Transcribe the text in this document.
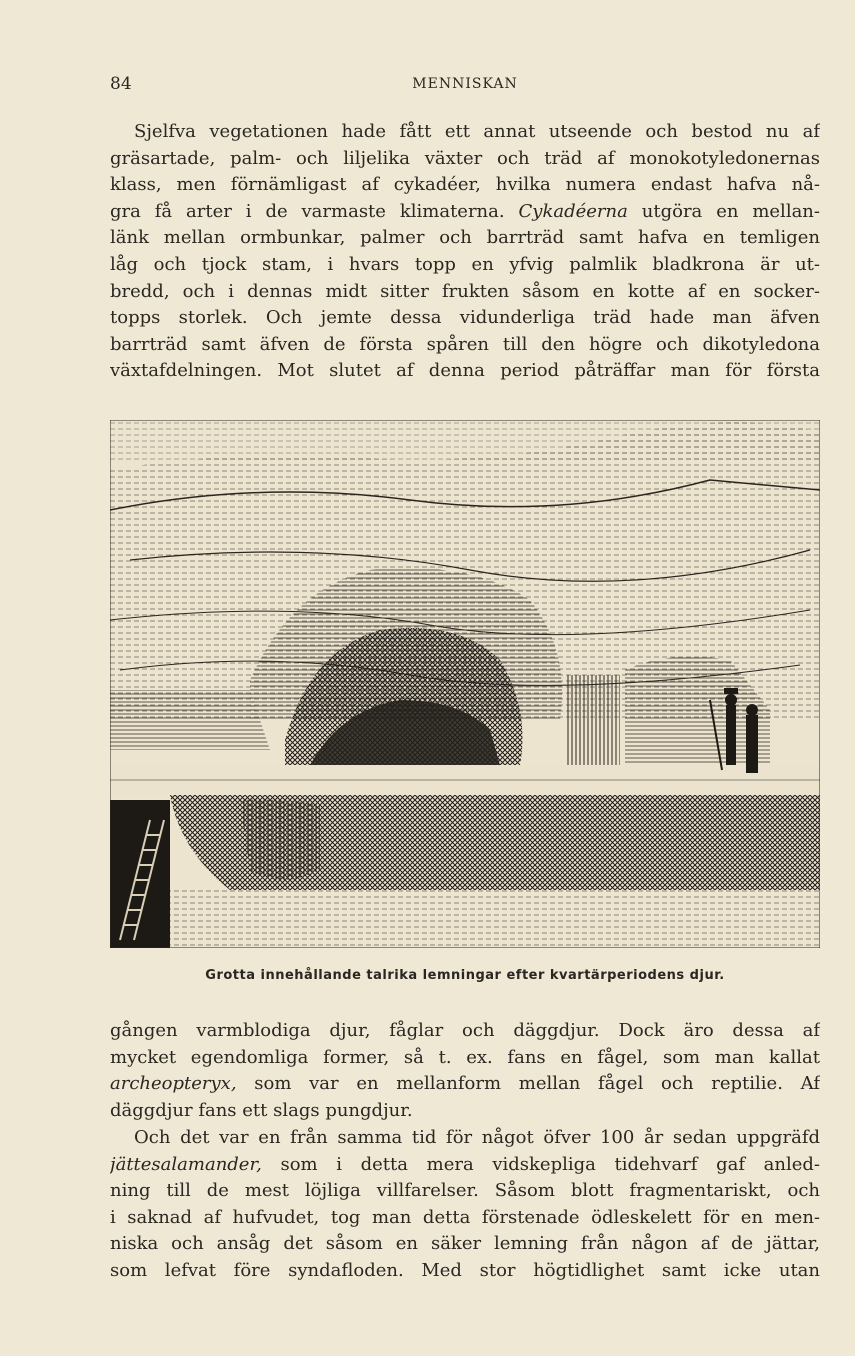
84	MENNISKAN

Sjelfva vegetationen hade fått ett annat utseende och bestod nu af
gräsartade, palm- och liljelika växter och träd af monokotyledonernas
klass, men förnämligast af cykadéer, hvilka numera endast hafva nå-
gra få arter i de varmaste klimaterna. Cykadéerna utgöra en mellan-
länk mellan ormbunkar, palmer och barrträd samt hafva en temligen
låg och tjock stam, i hvars topp en yfvig palmlik bladkrona är ut-
bredd, och i dennas midt sitter frukten såsom en kotte af en socker-
topps storlek. Och jemte dessa vidunderliga träd hade man äfven
barrträd samt äfven de första spåren till den högre och dikotyledona
växtafdelningen. Mot slutet af denna period påträffar man för första

Grotta innehållande talrika lemningar efter kvartärperiodens djur.

gången varmblodiga djur, fåglar och däggdjur. Dock äro dessa af
mycket egendomliga former, så t. ex. fans en fågel, som man kallat
archeopteryx, som var en mellanform mellan fågel och reptilie. Af
däggdjur fans ett slags pungdjur.

Och det var en från samma tid för något öfver 100 år sedan uppgräfd
jättesalamander, som i detta mera vidskepliga tidehvarf gaf anled-
ning till de mest löjliga villfarelser. Såsom blott fragmentariskt, och
i saknad af hufvudet, tog man detta förstenade ödleskelett för en men-
niska och ansåg det såsom en säker lemning från någon af de jättar,
som lefvat före syndafloden. Med stor högtidlighet samt icke utan
